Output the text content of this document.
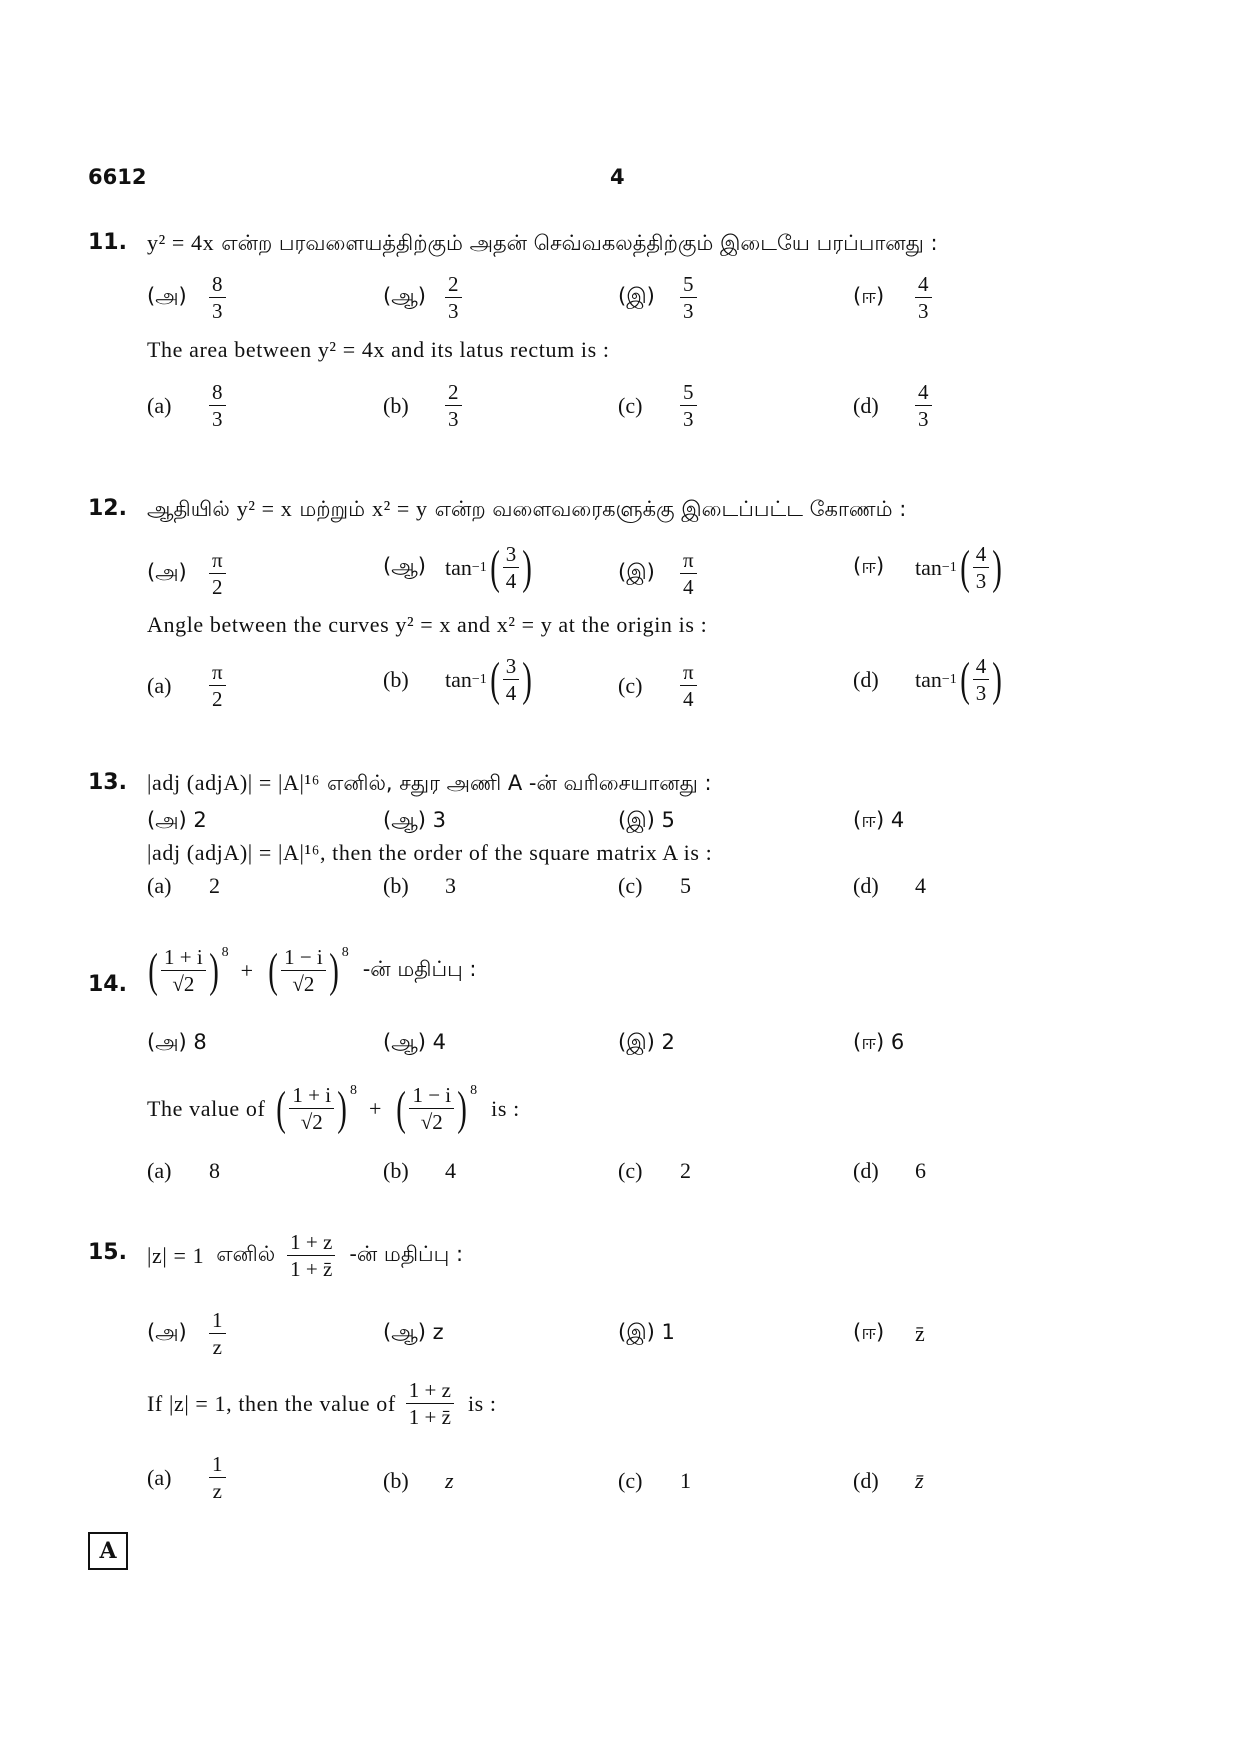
6612	4
11. y² = 4x என்ற பரவளையத்திற்கும் அதன் செவ்வகலத்திற்கும் இடையே பரப்பானது :
(அ)	$\frac{8}{3}$	(ஆ) $\frac{2}{3}$	(இ)	$\frac{5}{3}$	(ஈ)	$\frac{4}{3}$
The area between y² = 4x and its latus rectum is :
(a)	$\frac{8}{3}$	(b)	$\frac{2}{3}$	(c)	$\frac{5}{3}$	(d)	$\frac{4}{3}$
12. ஆதியில் y² = x மற்றும் x² = y என்ற வளைவரைகளுக்கு இடைப்பட்ட கோணம் :
(அ)	$\frac{\pi}{2}$	(ஆ) tan −1 ( $\frac{3}{4}$ )	(இ)	$\frac{\pi}{4}$	(ஈ)	tan −1 ( $\frac{4}{3}$ )
Angle between the curves y² = x and x² = y at the origin is :
(a)	$\frac{\pi}{2}$	(b)	tan −1 ( $\frac{3}{4}$ )	(c)	$\frac{\pi}{4}$	(d)	tan −1 ( $\frac{4}{3}$ )
13. |adj (adjA)| = |A|¹⁶ எனில், சதுர அணி A -ன் வரிசையானது :
(அ) 2	(ஆ) 3	(இ) 5	(ஈ) 4
|adj (adjA)| = |A|¹⁶, then the order of the square matrix A is :
(a)	2	(b)	3	(c)	5	(d)	4
14. ( $\frac{1 + i}{√2} )^8$
+ ( $\frac{1 - i}{√2} )^8$
-ன் மதிப்பு :
(அ) 8	(ஆ) 4	(இ) 2	(ஈ) 6
The value of ( $\frac{1 + i}{√2} )^8$
+ ( $\frac{1 - i}{√2} )^8$
is :
(a)	8	(b)	4	(c)	2	(d)	6
15. |z| = 1 எனில் $\frac{1 + z}{1 + z̄}$ -ன் மதிப்பு :
(அ)	$\frac{1}{z}$	(ஆ) z	(இ) 1	(ஈ)	z̄
If |z| = 1, then the value of $\frac{1 + z}{1 + z̄}$ is :
(a)	$\frac{1}{z}$	(b)	z	(c)	1	(d)	z̄
A
